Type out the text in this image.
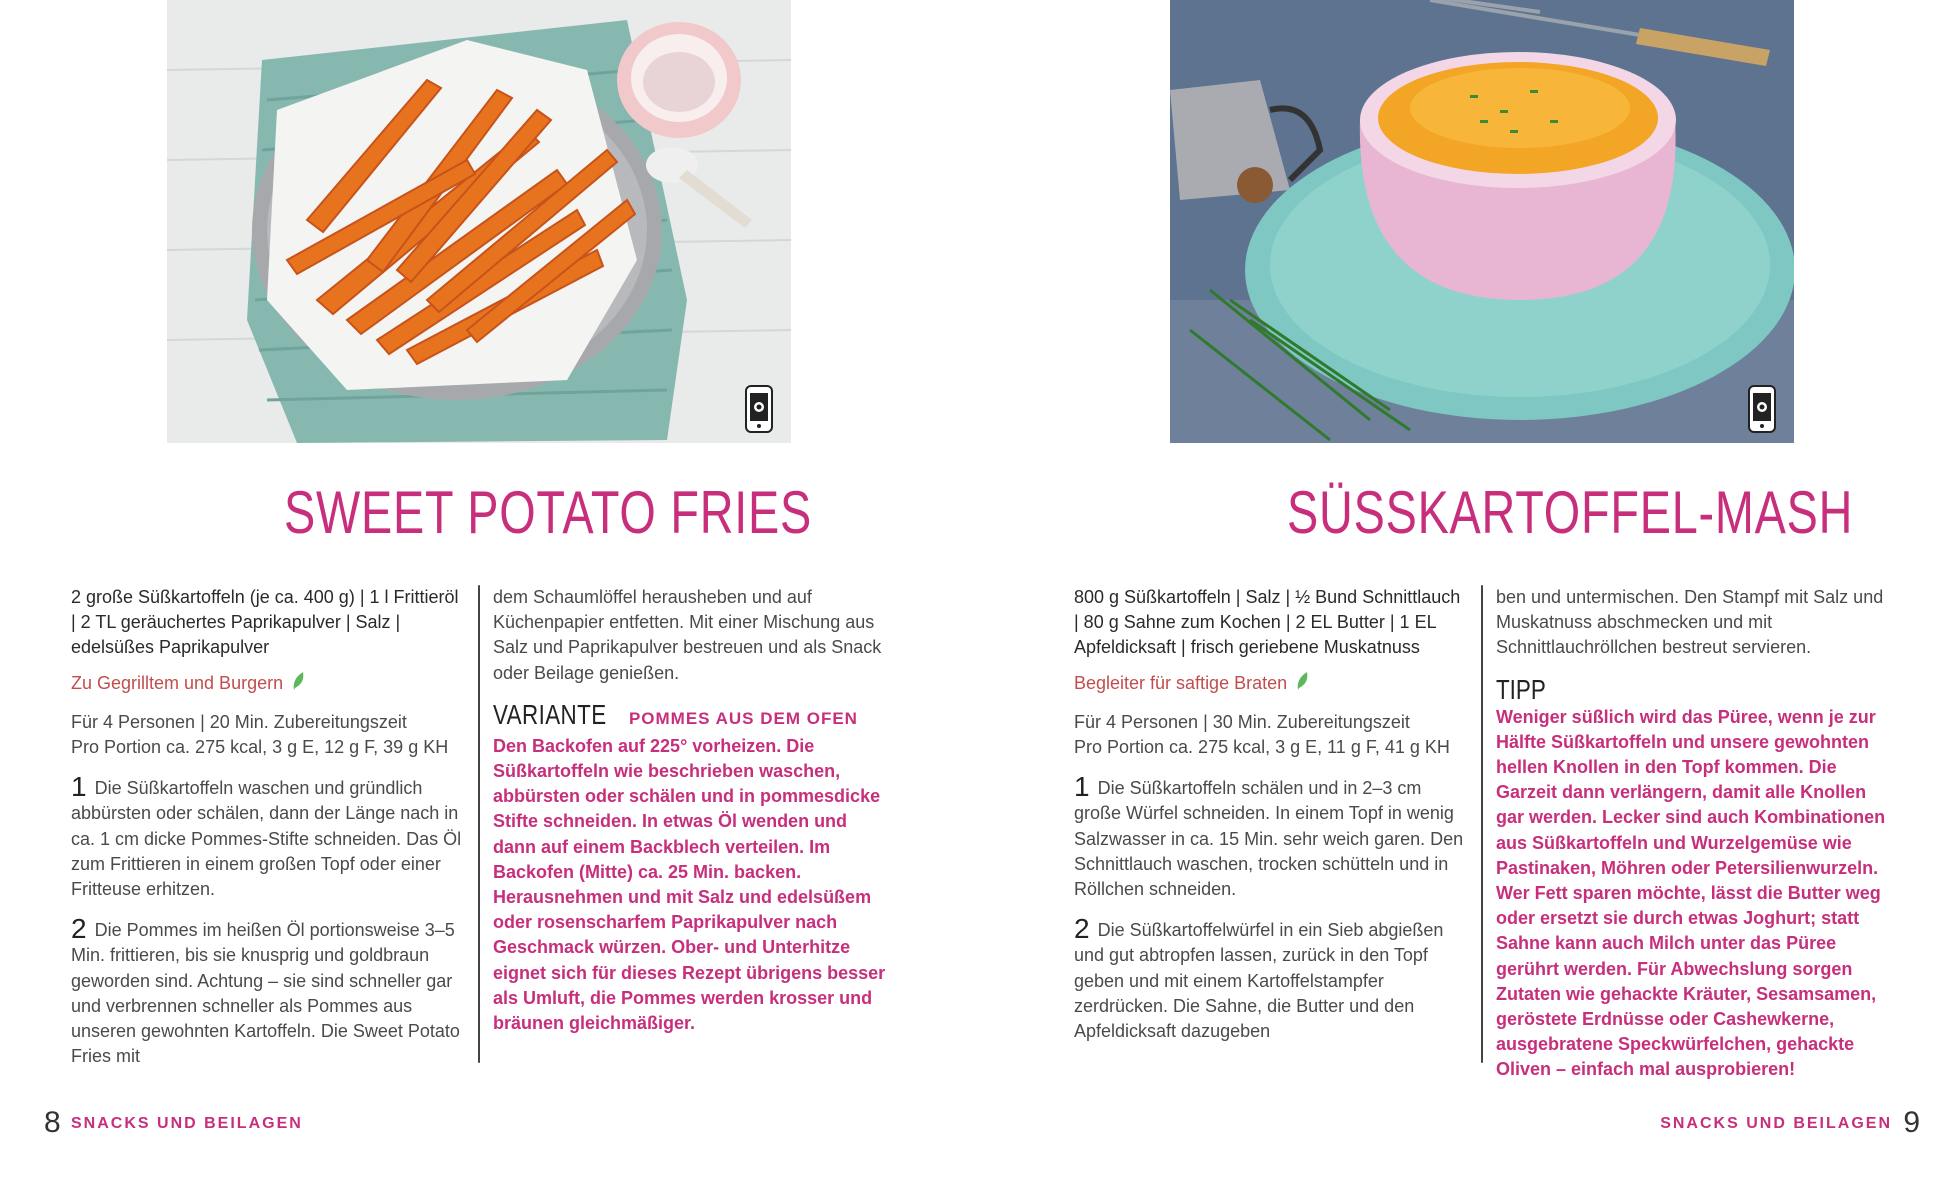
SWEET POTATO FRIES	SÜSSKARTOFFEL-MASH

2 große Süßkartoffeln (je ca. 400 g) | 1 l Frittieröl | 2 TL geräuchertes Paprikapulver | Salz | edelsüßes Paprikapulver

Zu Gegrilltem und Burgern

Für 4 Personen | 20 Min. Zubereitungszeit

Pro Portion ca. 275 kcal, 3 g E, 12 g F, 39 g KH

1 Die Süßkartoffeln waschen und gründlich abbürsten oder schälen, dann der Länge nach in ca. 1 cm dicke Pommes-Stifte schneiden. Das Öl zum Frittieren in einem großen Topf oder einer Fritteuse erhitzen.

2 Die Pommes im heißen Öl portionsweise 3–5 Min. frittieren, bis sie knusprig und goldbraun geworden sind. Achtung – sie sind schneller gar und verbrennen schneller als Pommes aus unseren gewohnten Kartoffeln. Die Sweet Potato Fries mit

dem Schaumlöffel herausheben und auf Küchenpapier entfetten. Mit einer Mischung aus Salz und Paprikapulver bestreuen und als Snack oder Beilage genießen.

VARIANTE POMMES AUS DEM OFEN

Den Backofen auf 225° vorheizen. Die Süßkartoffeln wie beschrieben waschen, abbürsten oder schälen und in pommesdicke Stifte schneiden. In etwas Öl wenden und dann auf einem Backblech verteilen. Im Backofen (Mitte) ca. 25 Min. backen. Herausnehmen und mit Salz und edelsüßem oder rosenscharfem Paprikapulver nach Geschmack würzen. Ober- und Unterhitze eignet sich für dieses Rezept übrigens besser als Umluft, die Pommes werden krosser und bräunen gleichmäßiger.

800 g Süßkartoffeln | Salz | ½ Bund Schnittlauch | 80 g Sahne zum Kochen | 2 EL Butter | 1 EL Apfeldicksaft | frisch geriebene Muskatnuss

Begleiter für saftige Braten

Für 4 Personen | 30 Min. Zubereitungszeit

Pro Portion ca. 275 kcal, 3 g E, 11 g F, 41 g KH

1 Die Süßkartoffeln schälen und in 2–3 cm große Würfel schneiden. In einem Topf in wenig Salzwasser in ca. 15 Min. sehr weich garen. Den Schnittlauch waschen, trocken schütteln und in Röllchen schneiden.

2 Die Süßkartoffelwürfel in ein Sieb abgießen und gut abtropfen lassen, zurück in den Topf geben und mit einem Kartoffelstampfer zerdrücken. Die Sahne, die Butter und den Apfeldicksaft dazugeben

ben und untermischen. Den Stampf mit Salz und Muskatnuss abschmecken und mit Schnittlauchröllchen bestreut servieren.

TIPP

Weniger süßlich wird das Püree, wenn je zur Hälfte Süßkartoffeln und unsere gewohnten hellen Knollen in den Topf kommen. Die Garzeit dann verlängern, damit alle Knollen gar werden. Lecker sind auch Kombinationen aus Süßkartoffeln und Wurzelgemüse wie Pastinaken, Möhren oder Petersilienwurzeln. Wer Fett sparen möchte, lässt die Butter weg oder ersetzt sie durch etwas Joghurt; statt Sahne kann auch Milch unter das Püree gerührt werden. Für Abwechslung sorgen Zutaten wie gehackte Kräuter, Sesamsamen, geröstete Erdnüsse oder Cashewkerne, ausgebratene Speckwürfelchen, gehackte Oliven – einfach mal ausprobieren!

8 SNACKS UND BEILAGEN	SNACKS UND BEILAGEN 9
